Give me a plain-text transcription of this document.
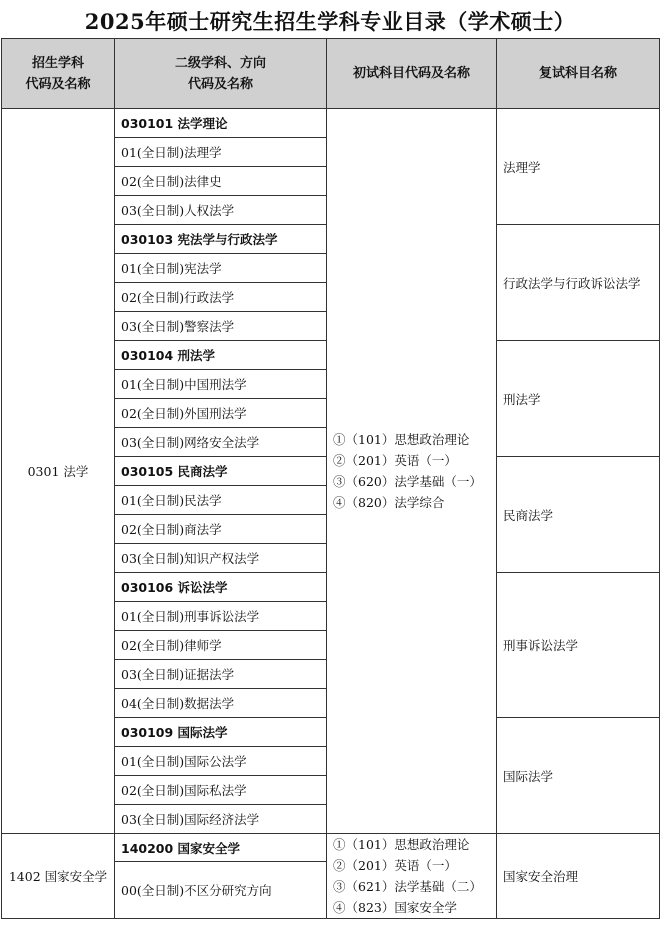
2025年硕士研究生招生学科专业目录（学术硕士）
招生学科
代码及名称	二级学科、方向
代码及名称	初试科目代码及名称	复试科目名称
0301 法学	030101 法学理论	①（101）思想政治理论
②（201）英语（一）
③（620）法学基础（一）
④（820）法学综合	法理学
	01(全日制)法理学		
	02(全日制)法律史		
	03(全日制)人权法学		
	030103 宪法学与行政法学		行政法学与行政诉讼法学
	01(全日制)宪法学		
	02(全日制)行政法学		
	03(全日制)警察法学		
	030104 刑法学		刑法学
	01(全日制)中国刑法学		
	02(全日制)外国刑法学		
	03(全日制)网络安全法学		
	030105 民商法学		民商法学
	01(全日制)民法学		
	02(全日制)商法学		
	03(全日制)知识产权法学		
	030106 诉讼法学		刑事诉讼法学
	01(全日制)刑事诉讼法学		
	02(全日制)律师学		
	03(全日制)证据法学		
	04(全日制)数据法学		
	030109 国际法学		国际法学
	01(全日制)国际公法学		
	02(全日制)国际私法学		
	03(全日制)国际经济法学		
1402 国家安全学	140200 国家安全学	①（101）思想政治理论
②（201）英语（一）
③（621）法学基础（二）
④（823）国家安全学	国家安全治理
	00(全日制)不区分研究方向		
